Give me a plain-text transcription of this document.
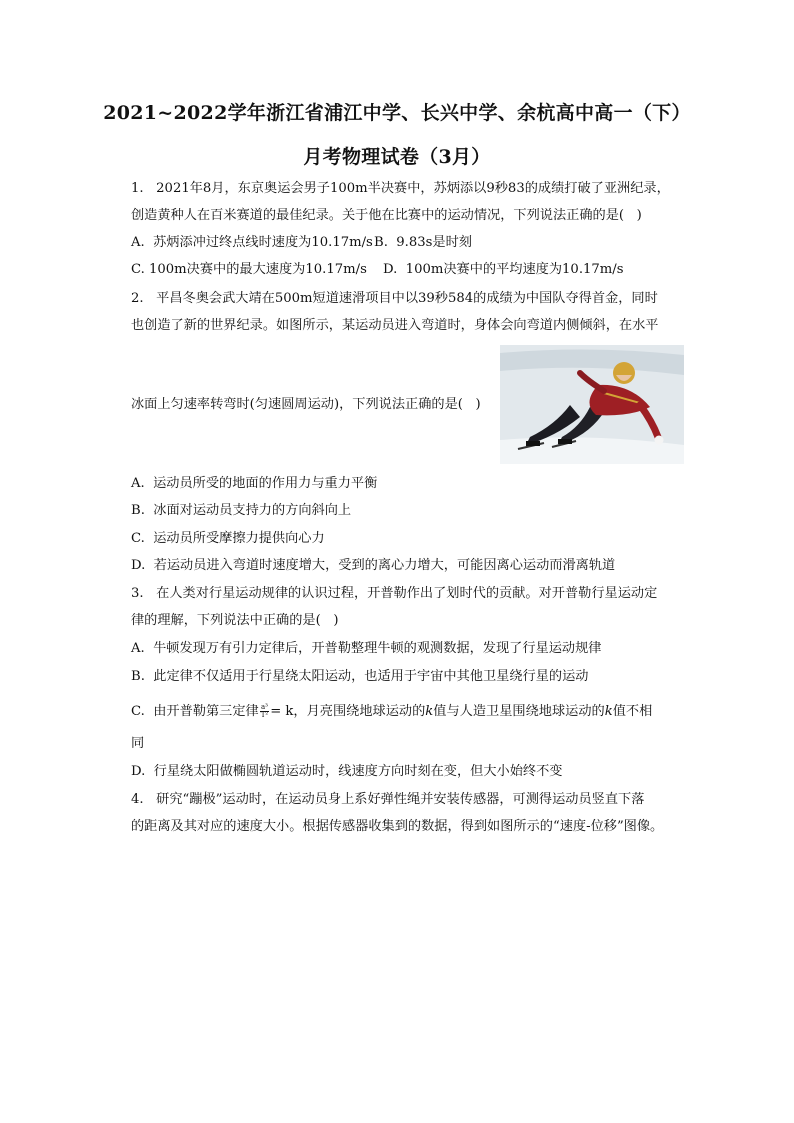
2021~2022学年浙江省浦江中学、长兴中学、余杭高中高一（下）
月考物理试卷（3月）
1.   2021年8月，东京奥运会男子100m半决赛中，苏炳添以9秒83的成绩打破了亚洲纪录，
创造黄种人在百米赛道的最佳纪录。关于他在比赛中的运动情况，下列说法正确的是(   )
A.  苏炳添冲过终点线时速度为10.17m/s B.  9.83s是时刻
C. 100m决赛中的最大速度为10.17m/s D.  100m决赛中的平均速度为10.17m/s
2.   平昌冬奥会武大靖在500m短道速滑项目中以39秒584的成绩为中国队夺得首金，同时
也创造了新的世界纪录。如图所示，某运动员进入弯道时，身体会向弯道内侧倾斜，在水平
冰面上匀速率转弯时(匀速圆周运动)，下列说法正确的是(   )
A.  运动员所受的地面的作用力与重力平衡
B.  冰面对运动员支持力的方向斜向上
C.  运动员所受摩擦力提供向心力
D.  若运动员进入弯道时速度增大，受到的离心力增大，可能因离心运动而滑离轨道
3.   在人类对行星运动规律的认识过程，开普勒作出了划时代的贡献。对开普勒行星运动定
律的理解，下列说法中正确的是(   )
A.  牛顿发现万有引力定律后，开普勒整理牛顿的观测数据，发现了行星运动规律
B.  此定律不仅适用于行星绕太阳运动，也适用于宇宙中其他卫星绕行星的运动
C.  由开普勒第三定律 $\frac{\text{a³}}{\text{T²}} = k$，月亮围绕地球运动的k值与人造卫星围绕地球运动的k值不相
同
D.  行星绕太阳做椭圆轨道运动时，线速度方向时刻在变，但大小始终不变
4.   研究“蹦极”运动时，在运动员身上系好弹性绳并安装传感器，可测得运动员竖直下落
的距离及其对应的速度大小。根据传感器收集到的数据，得到如图所示的“速度-位移”图像。
